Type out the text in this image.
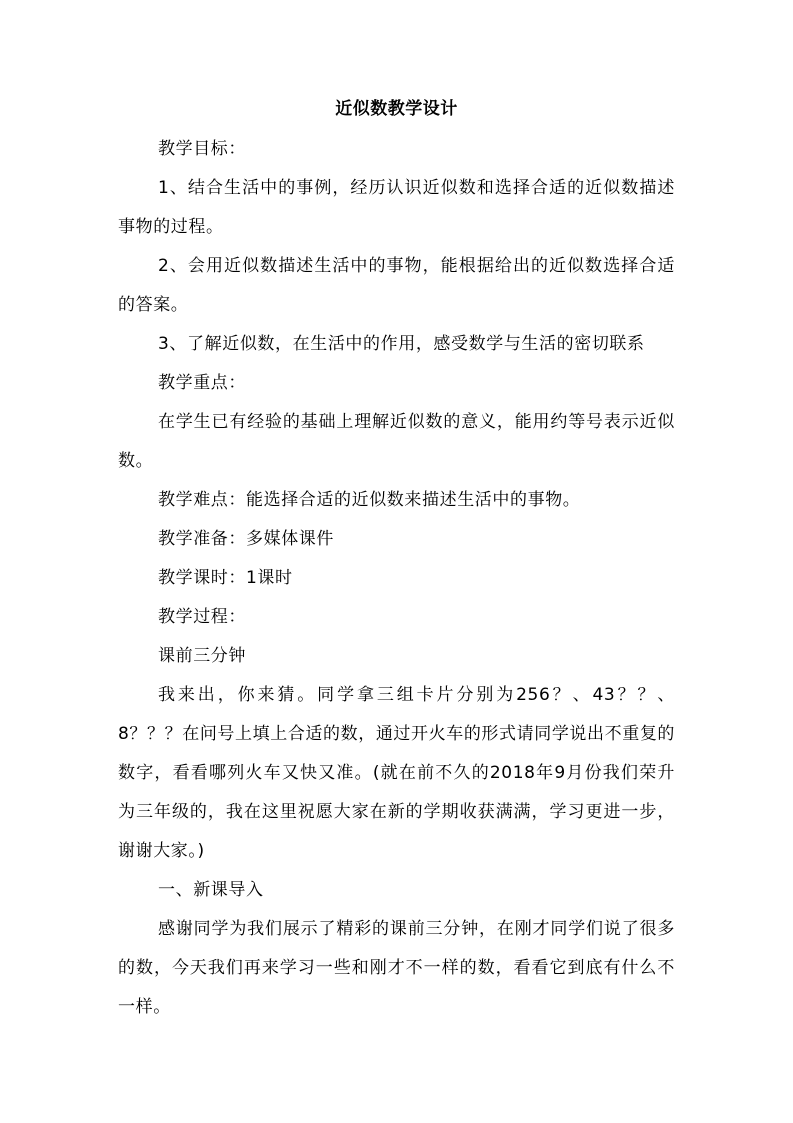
近似数教学设计

教学目标：

1、结合生活中的事例，经历认识近似数和选择合适的近似数描述事物的过程。

2、会用近似数描述生活中的事物，能根据给出的近似数选择合适的答案。

3、了解近似数，在生活中的作用，感受数学与生活的密切联系

教学重点：

在学生已有经验的基础上理解近似数的意义，能用约等号表示近似数。

教学难点：能选择合适的近似数来描述生活中的事物。

教学准备：多媒体课件

教学课时：1课时

教学过程：

课前三分钟

我来出，你来猜。同学拿三组卡片分别为256？、43？？、8？？？在问号上填上合适的数，通过开火车的形式请同学说出不重复的数字，看看哪列火车又快又准。(就在前不久的2018年9月份我们荣升为三年级的，我在这里祝愿大家在新的学期收获满满，学习更进一步，谢谢大家。)

一、新课导入

感谢同学为我们展示了精彩的课前三分钟，在刚才同学们说了很多的数，今天我们再来学习一些和刚才不一样的数，看看它到底有什么不一样。
